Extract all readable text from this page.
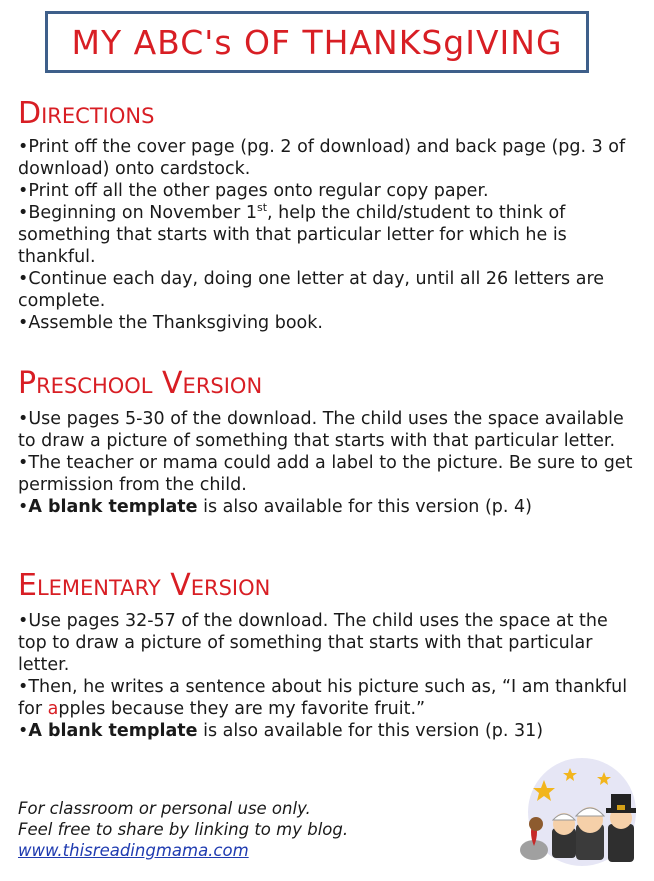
MY ABC's OF THANKSgIVING
Directions

•Print off the cover page (pg. 2 of download) and back page (pg. 3 of download) onto cardstock.
•Print off all the other pages onto regular copy paper.
•Beginning on November 1st, help the child/student to think of something that starts with that particular letter for which he is thankful.
•Continue each day, doing one letter at day, until all 26 letters are complete.
•Assemble the Thanksgiving book.

Preschool Version

•Use pages 5-30 of the download. The child uses the space available to draw a picture of something that starts with that particular letter.
•The teacher or mama could add a label to the picture. Be sure to get permission from the child.
•A blank template is also available for this version (p. 4)

Elementary Version

•Use pages 32-57 of the download. The child uses the space at the top to draw a picture of something that starts with that particular letter.
•Then, he writes a sentence about his picture such as, “I am thankful for apples because they are my favorite fruit.”
•A blank template is also available for this version (p. 31)

For classroom or personal use only.
Feel free to share by linking to my blog.
www.thisreadingmama.com
